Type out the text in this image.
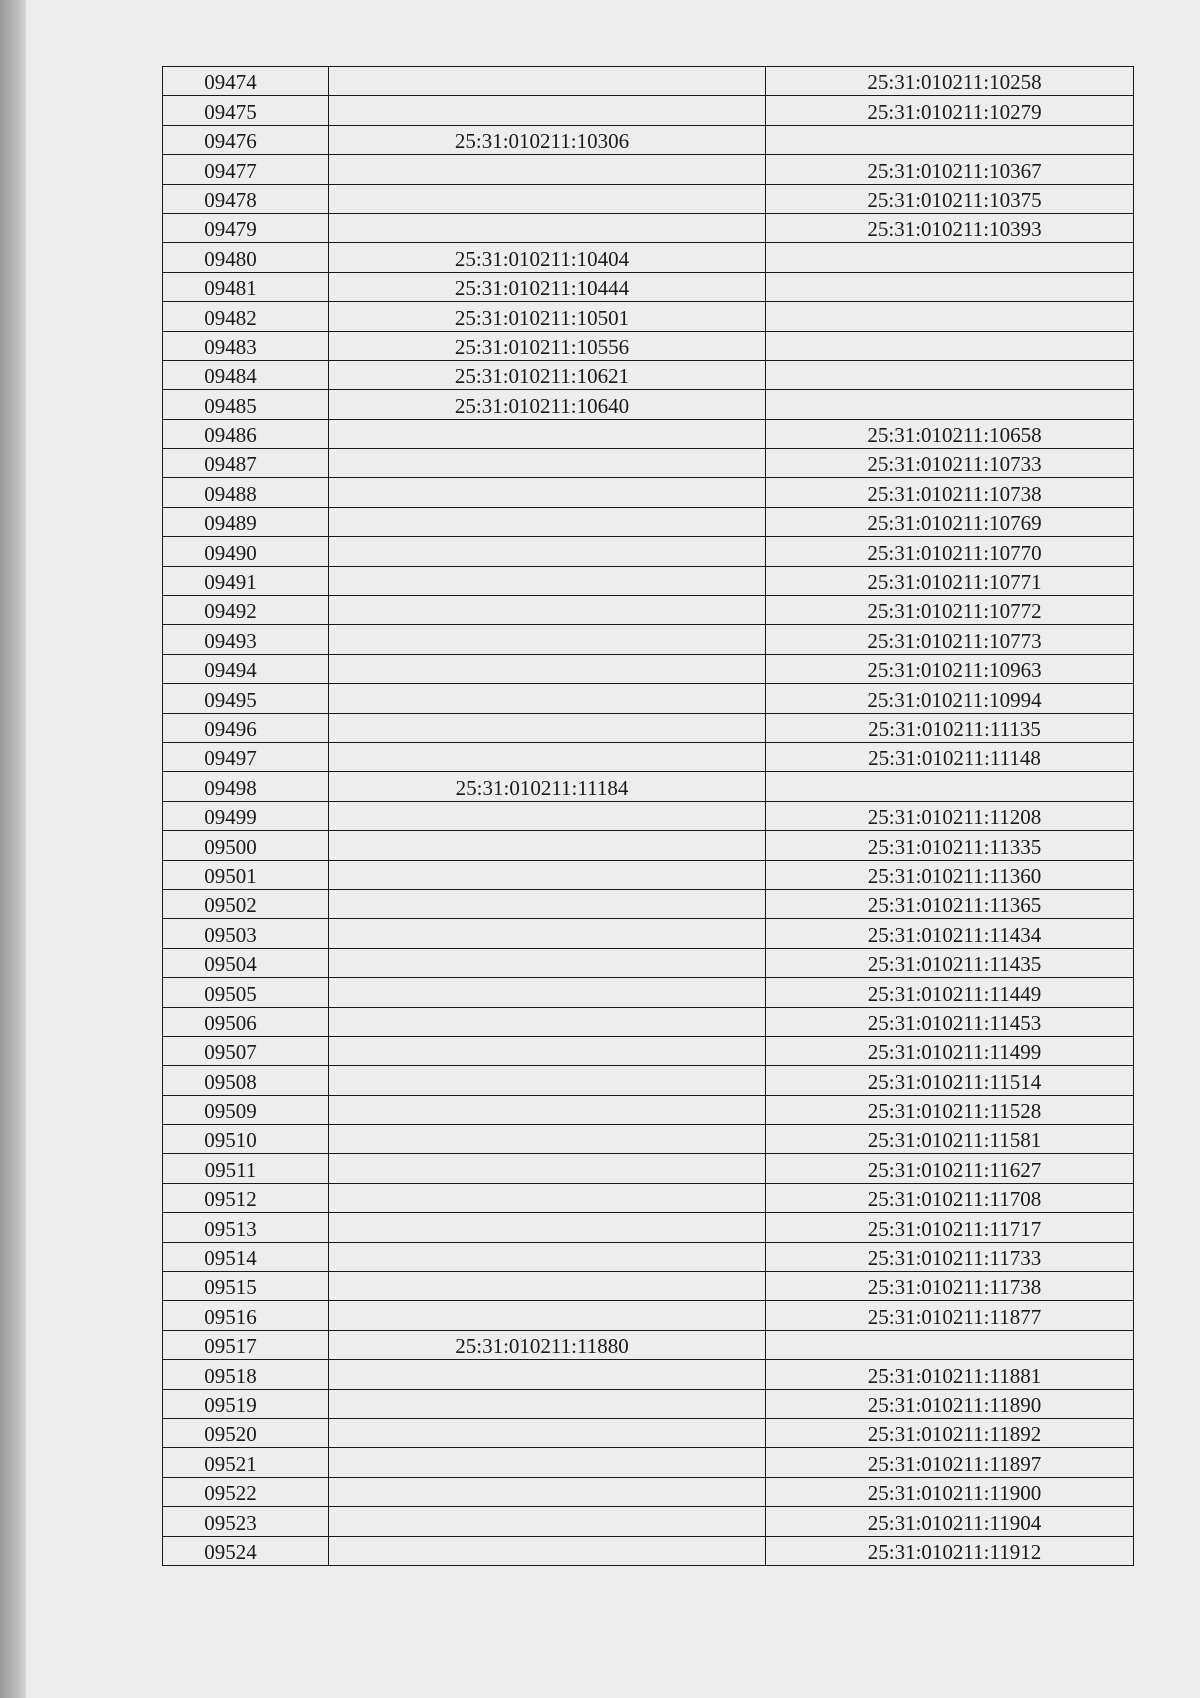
09474		25:31:010211:10258
09475		25:31:010211:10279
09476	25:31:010211:10306	
09477		25:31:010211:10367
09478		25:31:010211:10375
09479		25:31:010211:10393
09480	25:31:010211:10404	
09481	25:31:010211:10444	
09482	25:31:010211:10501	
09483	25:31:010211:10556	
09484	25:31:010211:10621	
09485	25:31:010211:10640	
09486		25:31:010211:10658
09487		25:31:010211:10733
09488		25:31:010211:10738
09489		25:31:010211:10769
09490		25:31:010211:10770
09491		25:31:010211:10771
09492		25:31:010211:10772
09493		25:31:010211:10773
09494		25:31:010211:10963
09495		25:31:010211:10994
09496		25:31:010211:11135
09497		25:31:010211:11148
09498	25:31:010211:11184	
09499		25:31:010211:11208
09500		25:31:010211:11335
09501		25:31:010211:11360
09502		25:31:010211:11365
09503		25:31:010211:11434
09504		25:31:010211:11435
09505		25:31:010211:11449
09506		25:31:010211:11453
09507		25:31:010211:11499
09508		25:31:010211:11514
09509		25:31:010211:11528
09510		25:31:010211:11581
09511		25:31:010211:11627
09512		25:31:010211:11708
09513		25:31:010211:11717
09514		25:31:010211:11733
09515		25:31:010211:11738
09516		25:31:010211:11877
09517	25:31:010211:11880	
09518		25:31:010211:11881
09519		25:31:010211:11890
09520		25:31:010211:11892
09521		25:31:010211:11897
09522		25:31:010211:11900
09523		25:31:010211:11904
09524		25:31:010211:11912
